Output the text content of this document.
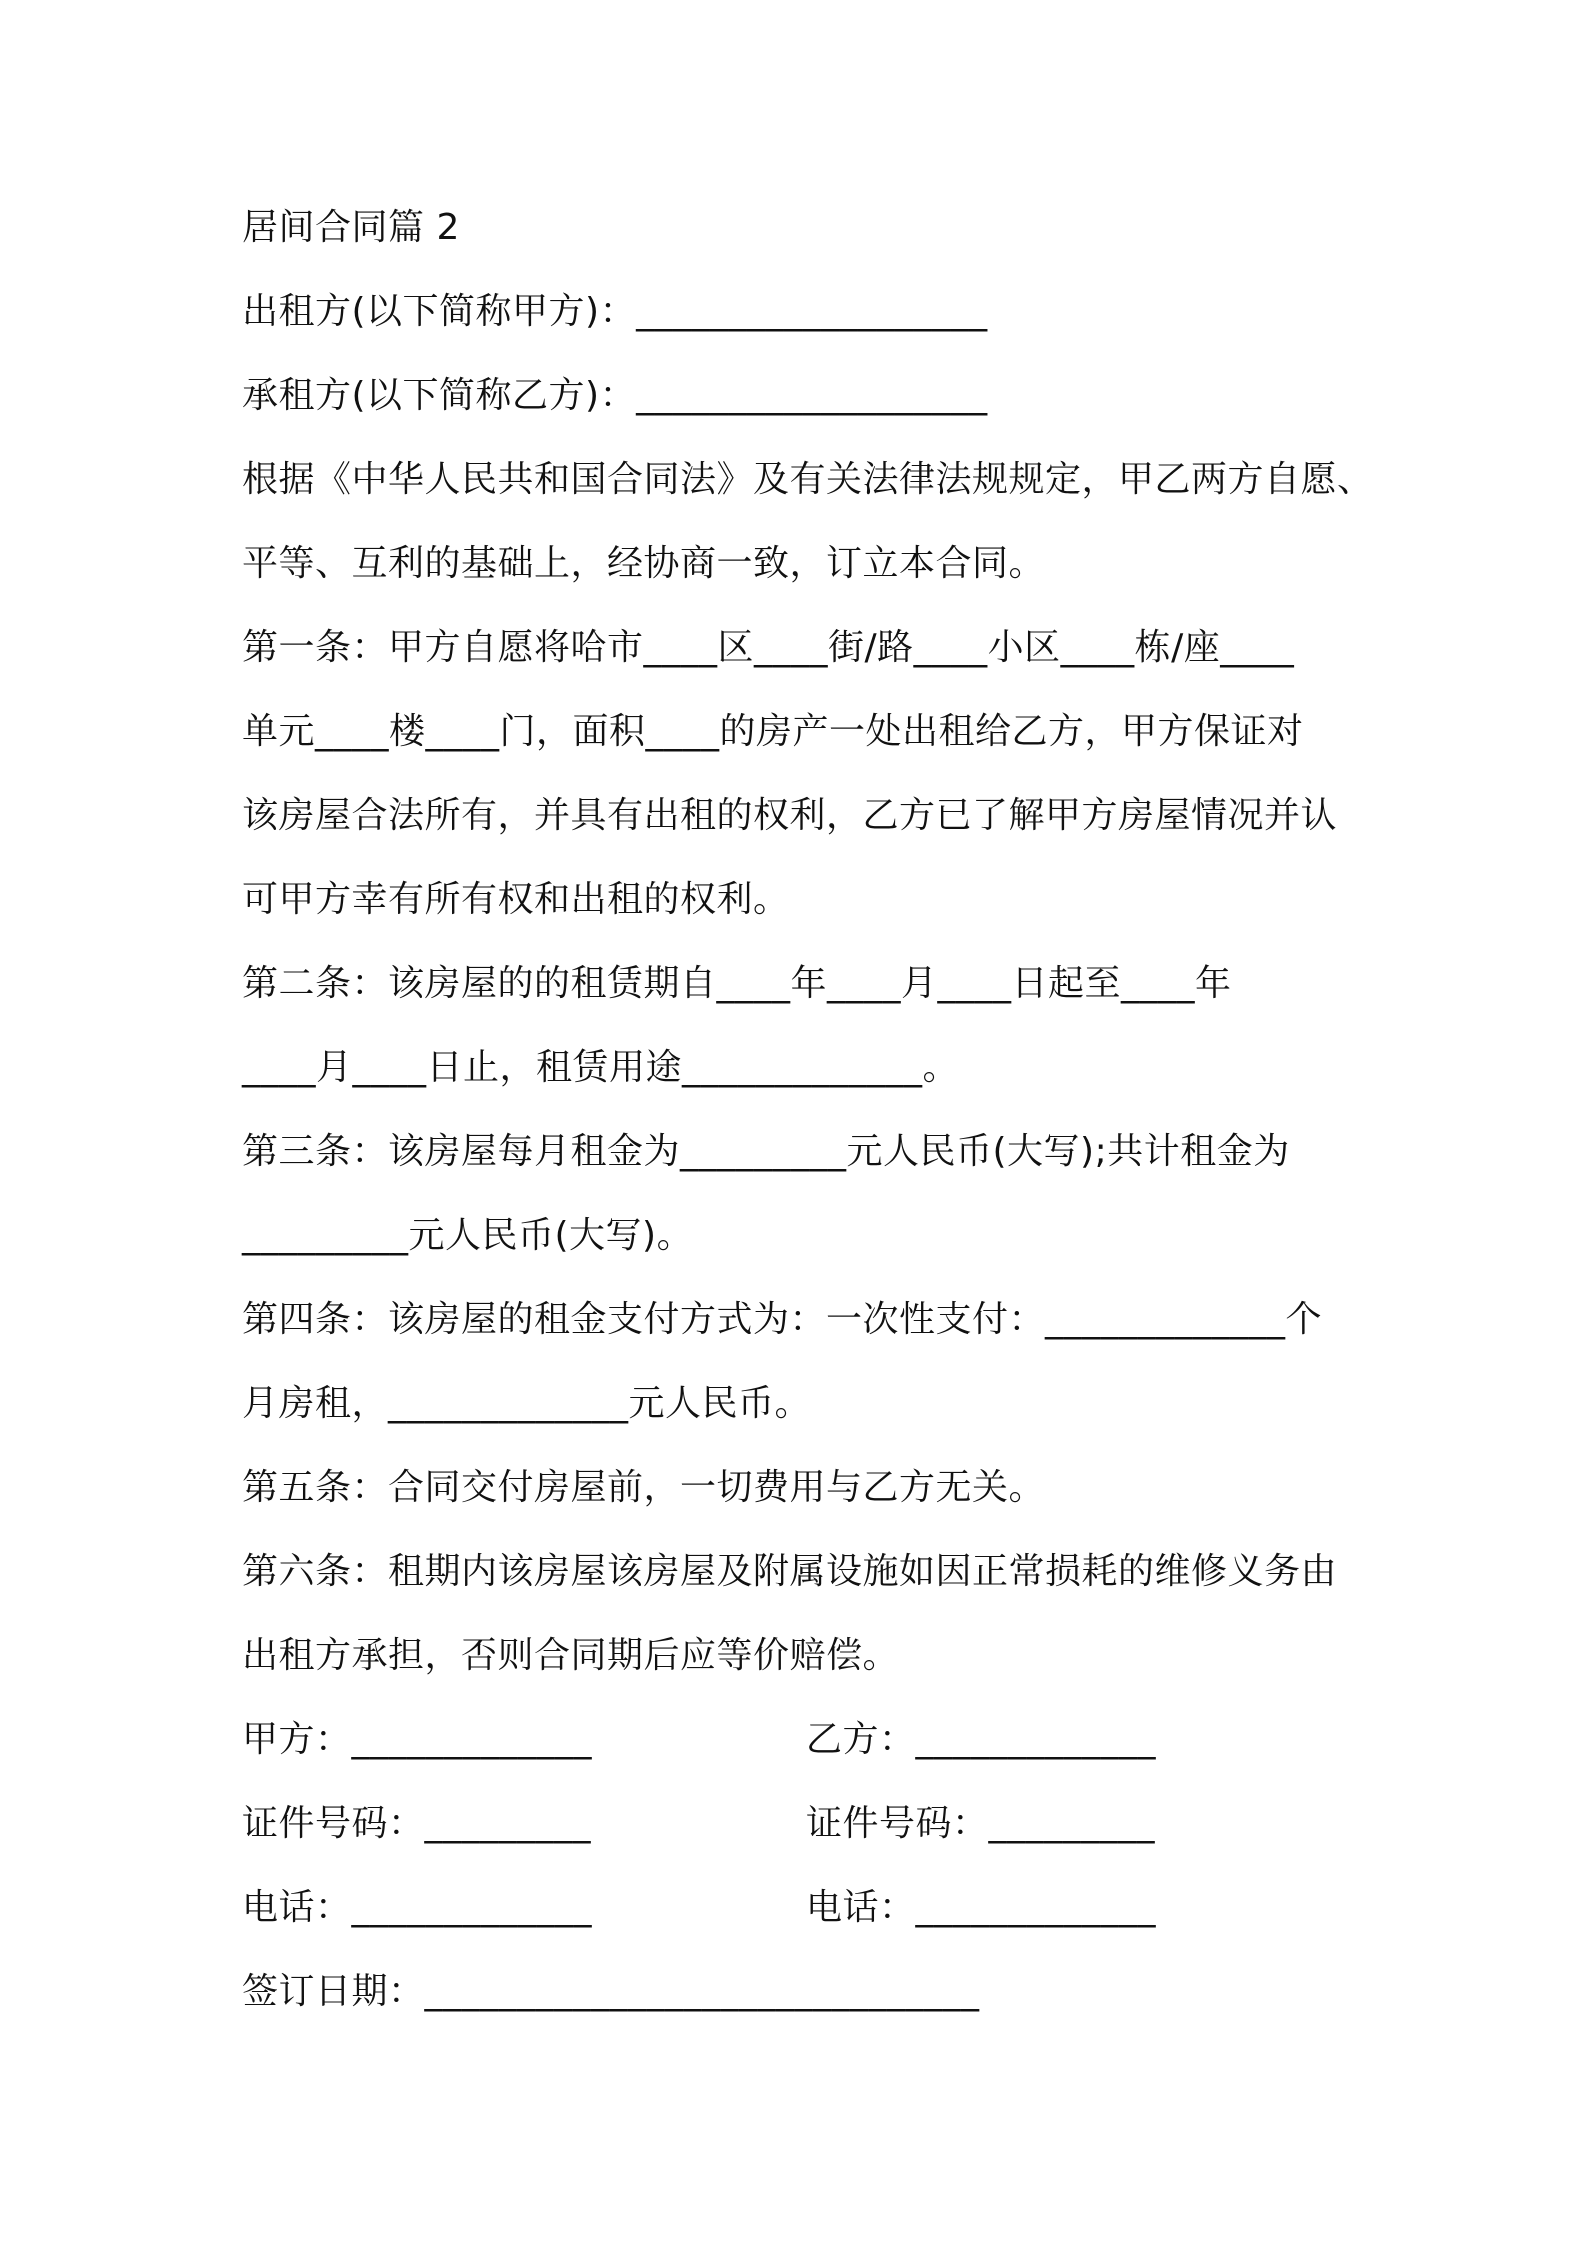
居间合同篇 2
出租方(以下简称甲方)：___________________
承租方(以下简称乙方)：___________________
根据《中华人民共和国合同法》及有关法律法规规定，甲乙两方自愿、
平等、互利的基础上，经协商一致，订立本合同。
第一条：甲方自愿将哈市____区____街/路____小区____栋/座____
单元____楼____门，面积____的房产一处出租给乙方，甲方保证对
该房屋合法所有，并具有出租的权利，乙方已了解甲方房屋情况并认
可甲方幸有所有权和出租的权利。
第二条：该房屋的的租赁期自____年____月____日起至____年
____月____日止，租赁用途_____________。
第三条：该房屋每月租金为_________元人民币(大写);共计租金为
_________元人民币(大写)。
第四条：该房屋的租金支付方式为：一次性支付：_____________个
月房租，_____________元人民币。
第五条：合同交付房屋前，一切费用与乙方无关。
第六条：租期内该房屋该房屋及附属设施如因正常损耗的维修义务由
出租方承担，否则合同期后应等价赔偿。
甲方：_____________	乙方：_____________
证件号码：_________	证件号码：_________
电话：_____________	电话：_____________
签订日期：______________________________
